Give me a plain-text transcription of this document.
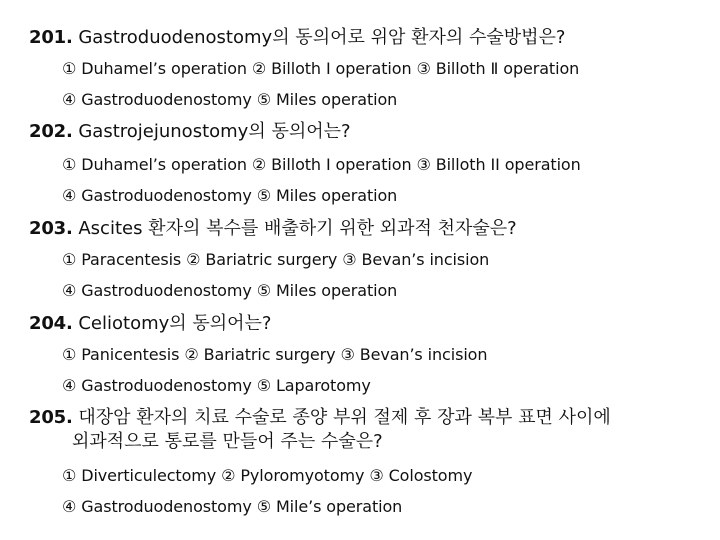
201. Gastroduodenostomy의 동의어로 위암 환자의 수술방법은?
① Duhamel’s operation ② Billoth I operation ③ Billoth Ⅱ operation
④ Gastroduodenostomy ⑤ Miles operation
202. Gastrojejunostomy의 동의어는?
① Duhamel’s operation ② Billoth I operation ③ Billoth II operation
④ Gastroduodenostomy ⑤ Miles operation
203. Ascites 환자의 복수를 배출하기 위한 외과적 천자술은?
① Paracentesis ② Bariatric surgery ③ Bevan’s incision
④ Gastroduodenostomy ⑤ Miles operation
204. Celiotomy의 동의어는?
① Panicentesis ② Bariatric surgery ③ Bevan’s incision
④ Gastroduodenostomy ⑤ Laparotomy
205. 대장암 환자의 치료 수술로 종양 부위 절제 후 장과 복부 표면 사이에
외과적으로 통로를 만들어 주는 수술은?
① Diverticulectomy ② Pyloromyotomy ③ Colostomy
④ Gastroduodenostomy ⑤ Mile’s operation
